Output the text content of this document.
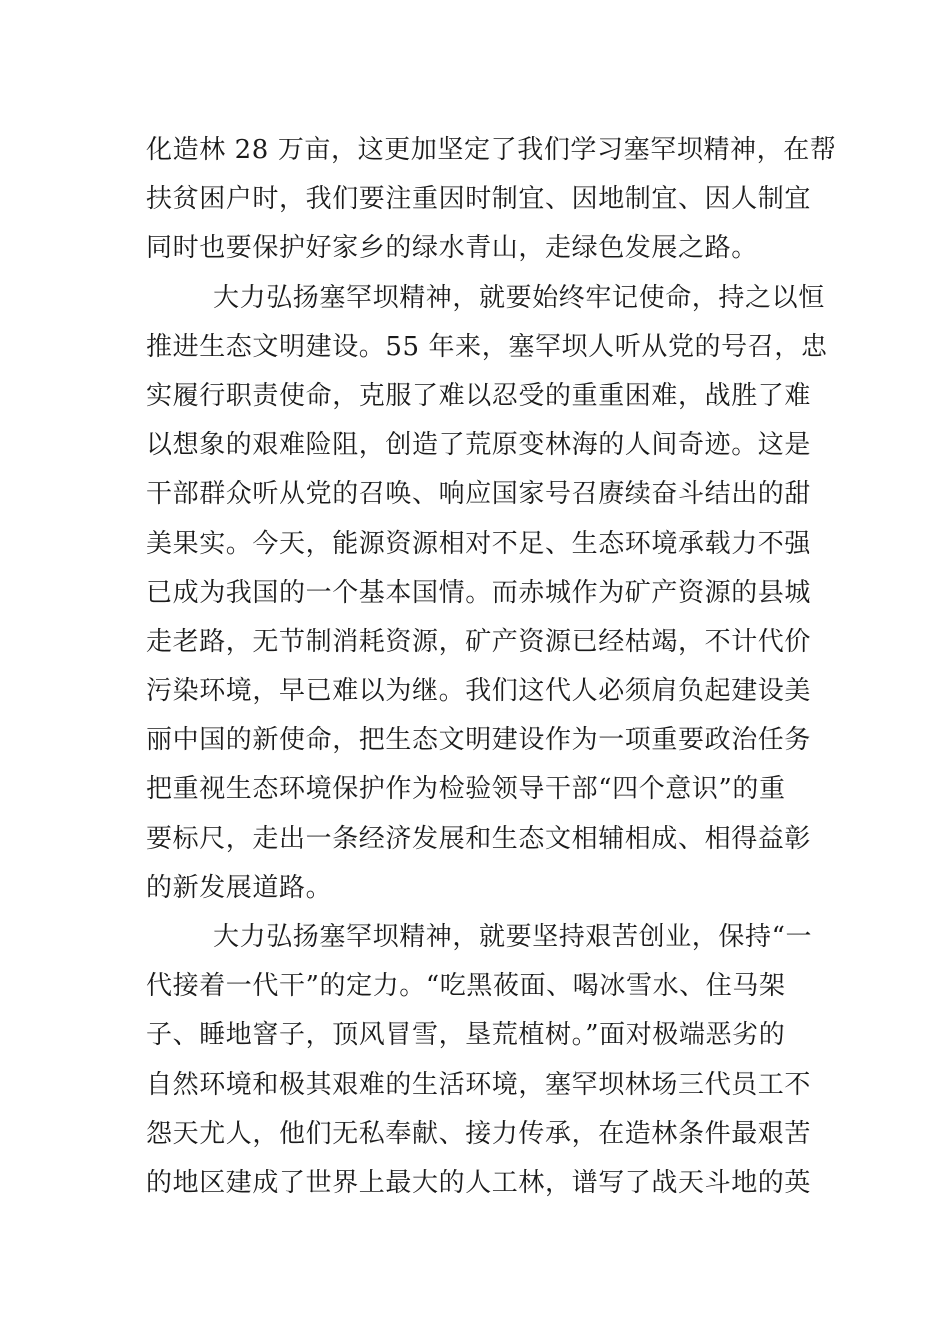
化造林 28 万亩，这更加坚定了我们学习塞罕坝精神，在帮
扶贫困户时，我们要注重因时制宜、因地制宜、因人制宜
同时也要保护好家乡的绿水青山，走绿色发展之路。
大力弘扬塞罕坝精神，就要始终牢记使命，持之以恒
推进生态文明建设。55 年来，塞罕坝人听从党的号召，忠
实履行职责使命，克服了难以忍受的重重困难，战胜了难
以想象的艰难险阻，创造了荒原变林海的人间奇迹。这是
干部群众听从党的召唤、响应国家号召赓续奋斗结出的甜
美果实。今天，能源资源相对不足、生态环境承载力不强
已成为我国的一个基本国情。而赤城作为矿产资源的县城
走老路，无节制消耗资源，矿产资源已经枯竭，不计代价
污染环境，早已难以为继。我们这代人必须肩负起建设美
丽中国的新使命，把生态文明建设作为一项重要政治任务
把重视生态环境保护作为检验领导干部“四个意识”的重
要标尺，走出一条经济发展和生态文相辅相成、相得益彰
的新发展道路。
大力弘扬塞罕坝精神，就要坚持艰苦创业，保持“一
代接着一代干”的定力。“吃黑莜面、喝冰雪水、住马架
子、睡地窨子，顶风冒雪，垦荒植树。”面对极端恶劣的
自然环境和极其艰难的生活环境，塞罕坝林场三代员工不
怨天尤人，他们无私奉献、接力传承，在造林条件最艰苦
的地区建成了世界上最大的人工林，谱写了战天斗地的英
